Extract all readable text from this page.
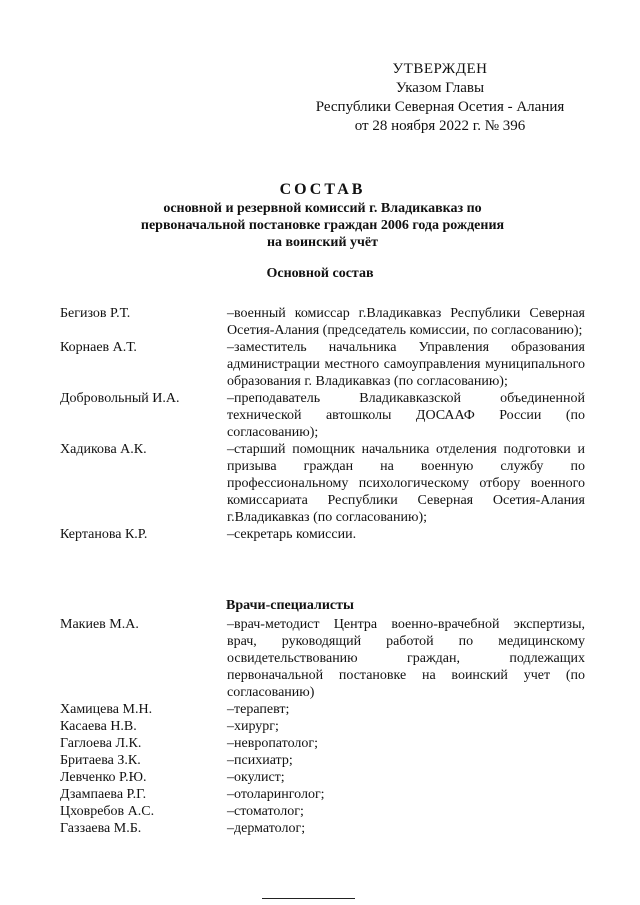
УТВЕРЖДЕН
Указом Главы
Республики Северная Осетия - Алания
от 28 ноября 2022 г. № 396
СОСТАВ
основной и резервной комиссий г. Владикавказ по
первоначальной постановке граждан 2006 года рождения
на воинский учёт
Основной состав
Бегизов Р.Т.	–военный комиссар г.Владикавказ Республики Северная Осетия-Алания (председатель комиссии, по согласованию);
Корнаев А.Т.	–заместитель начальника Управления образования администрации местного самоуправления муниципального образования г. Владикавказ (по согласованию);
Добровольный И.А.	–преподаватель Владикавказской объединенной технической автошколы ДОСААФ России (по согласованию);
Хадикова А.К.	–старший помощник начальника отделения подготовки и призыва граждан на военную службу по профессиональному психологическому отбору военного комиссариата Республики Северная Осетия-Алания г.Владикавказ (по согласованию);
Кертанова К.Р.	–секретарь комиссии.
Врачи-специалисты
Макиев М.А.	–врач-методист Центра военно-врачебной экспертизы, врач, руководящий работой по медицинскому освидетельствованию граждан, подлежащих первоначальной постановке на воинский учет (по согласованию)
Хамицева М.Н.	–терапевт;
Касаева Н.В.	–хирург;
Гаглоева Л.К.	–невропатолог;
Бритаева З.К.	–психиатр;
Левченко Р.Ю.	–окулист;
Дзампаева Р.Г.	–отоларинголог;
Цховребов А.С.	–стоматолог;
Газзаева М.Б.	–дерматолог;
